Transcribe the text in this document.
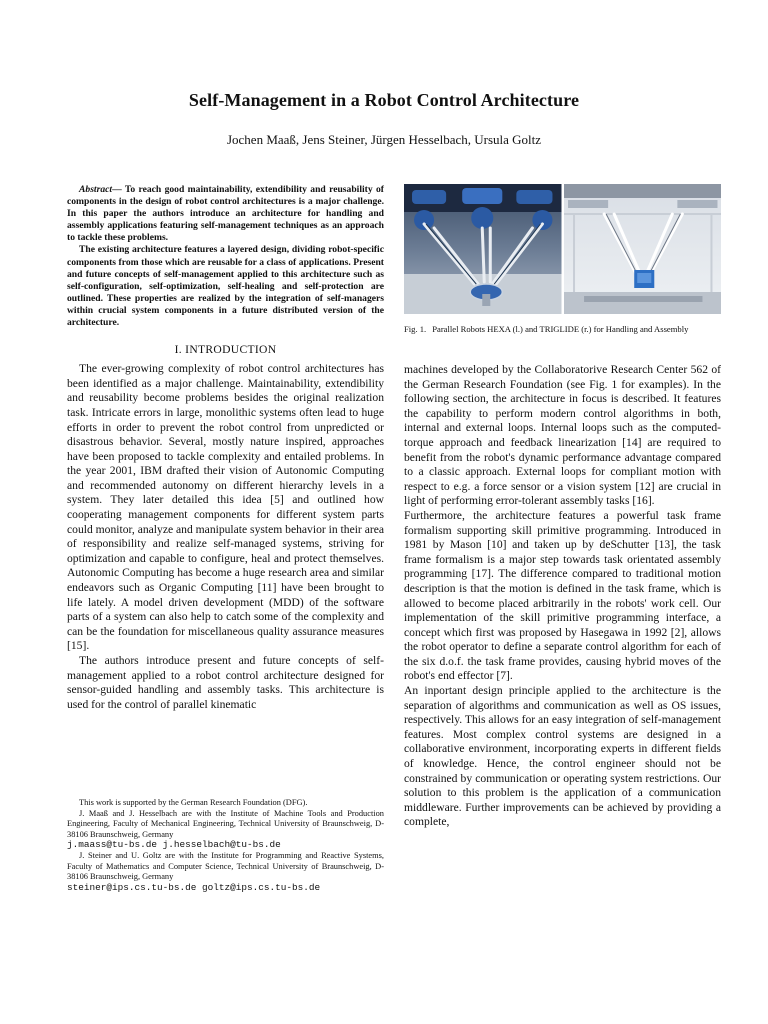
Self-Management in a Robot Control Architecture
Jochen Maaß, Jens Steiner, Jürgen Hesselbach, Ursula Goltz

Abstract— To reach good maintainability, extendibility and reusability of components in the design of robot control architectures is a major challenge. In this paper the authors introduce an architecture for handling and assembly applications featuring self-management techniques as an approach to tackle these problems.

The existing architecture features a layered design, dividing robot-specific components from those which are reusable for a class of applications. Present and future concepts of self-management applied to this architecture such as self-configuration, self-optimization, self-healing and self-protection are outlined. These properties are realized by the integration of self-managers within crucial system components in a future distributed version of the architecture.

I. INTRODUCTION

The ever-growing complexity of robot control architectures has been identified as a major challenge. Maintainability, extendibility and reusability become problems besides the original realization task. Intricate errors in large, monolithic systems often lead to huge efforts in order to prevent the robot control from unpredicted or disastrous behavior. Several, mostly nature inspired, approaches have been proposed to tackle complexity and entailed problems. In the year 2001, IBM drafted their vision of Autonomic Computing and recommended autonomy on different hierarchy levels in a system. They later detailed this idea [5] and outlined how cooperating management components for different system parts could monitor, analyze and manipulate system behavior in their area of responsibility and realize self-managed systems, striving for optimization and capable to configure, heal and protect themselves. Autonomic Computing has become a huge research area and similar endeavors such as Organic Computing [11] have been brought to life lately. A model driven development (MDD) of the software parts of a system can also help to catch some of the complexity and can be the foundation for miscellaneous quality assurance measures [15].

The authors introduce present and future concepts of self-management applied to a robot control architecture designed for sensor-guided handling and assembly tasks. This architecture is used for the control of parallel kinematic

This work is supported by the German Research Foundation (DFG).

J. Maaß and J. Hesselbach are with the Institute of Machine Tools and Production Engineering, Faculty of Mechanical Engineering, Technical University of Braunschweig, D-38106 Braunschweig, Germany
j.maass@tu-bs.de j.hesselbach@tu-bs.de

J. Steiner and U. Goltz are with the Institute for Programming and Reactive Systems, Faculty of Mathematics and Computer Science, Technical University of Braunschweig, D-38106 Braunschweig, Germany
steiner@ips.cs.tu-bs.de goltz@ips.cs.tu-bs.de

Fig. 1. Parallel Robots HEXA (l.) and TRIGLIDE (r.) for Handling and Assembly

machines developed by the Collaboratorive Research Center 562 of the German Research Foundation (see Fig. 1 for examples). In the following section, the architecture in focus is described. It features the capability to perform modern control algorithms in both, internal and external loops. Internal loops such as the computed-torque approach and feedback linearization [14] are required to benefit from the robot's dynamic performance advantage compared to a classic approach. External loops for compliant motion with respect to e.g. a force sensor or a vision system [12] are crucial in light of performing error-tolerant assembly tasks [16].

Furthermore, the architecture features a powerful task frame formalism supporting skill primitive programming. Introduced in 1981 by Mason [10] and taken up by deSchutter [13], the task frame formalism is a major step towards task orientated assembly programming [17]. The difference compared to traditional motion description is that the motion is defined in the task frame, which is allowed to become placed arbitrarily in the robots' work cell. Our implementation of the skill primitive programming interface, a concept which first was proposed by Hasegawa in 1992 [2], allows the robot operator to define a separate control algorithm for each of the six d.o.f. the task frame provides, causing hybrid moves of the robot's end effector [7].

An inportant design principle applied to the architecture is the separation of algorithms and communication as well as OS issues, respectively. This allows for an easy integration of self-management features. Most complex control systems are designed in a collaborative environment, incorporating experts in different fields of knowledge. Hence, the control engineer should not be constrained by communication or operating system restrictions. Our solution to this problem is the application of a communication middleware. Further improvements can be achieved by providing a complete,
